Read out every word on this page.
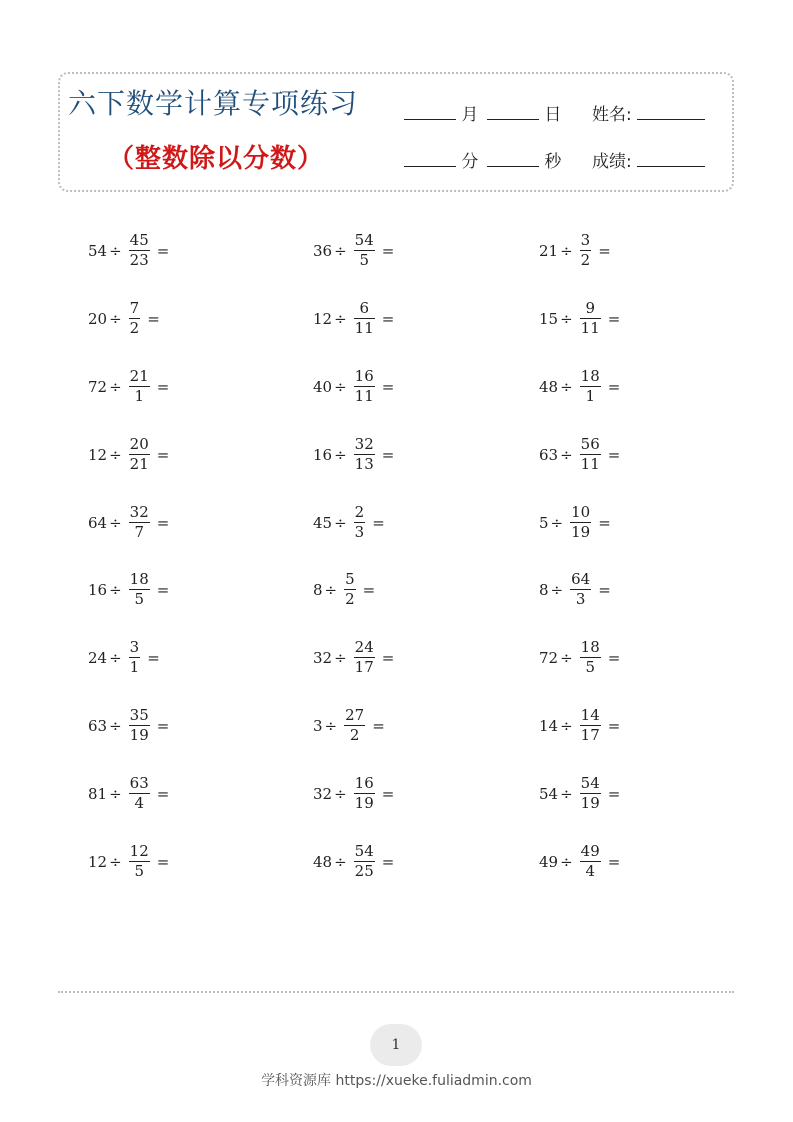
六下数学计算专项练习
（整数除以分数）
月	日 姓名:
分	秒 成绩:
$54 \div \frac{45}{23}$ =	$36 \div \frac{54}{5}$ =	$21 \div \frac{3}{2}$ =
$20 \div \frac{7}{2}$ =	$12 \div \frac{6}{11}$ =	$15 \div \frac{9}{11}$ =
$72 \div \frac{21}{1}$ =	$40 \div \frac{16}{11}$ =	$48 \div \frac{18}{1}$ =
$12 \div \frac{20}{21}$ =	$16 \div \frac{32}{13}$ =	$63 \div \frac{56}{11}$ =
$64 \div \frac{32}{7}$ =	$45 \div \frac{2}{3}$ =	$5 \div \frac{10}{19}$ =
$16 \div \frac{18}{5}$ =	$8 \div \frac{5}{2}$ =	$8 \div \frac{64}{3}$ =
$24 \div \frac{3}{1}$ =	$32 \div \frac{24}{17}$ =	$72 \div \frac{18}{5}$ =
$63 \div \frac{35}{19}$ =	$3 \div \frac{27}{2}$ =	$14 \div \frac{14}{17}$ =
$81 \div \frac{63}{4}$ =	$32 \div \frac{16}{19}$ =	$54 \div \frac{54}{19}$ =
$12 \div \frac{12}{5}$ =	$48 \div \frac{54}{25}$ =	$49 \div \frac{49}{4}$ =
1
学科资源库 https://xueke.fuliadmin.com
